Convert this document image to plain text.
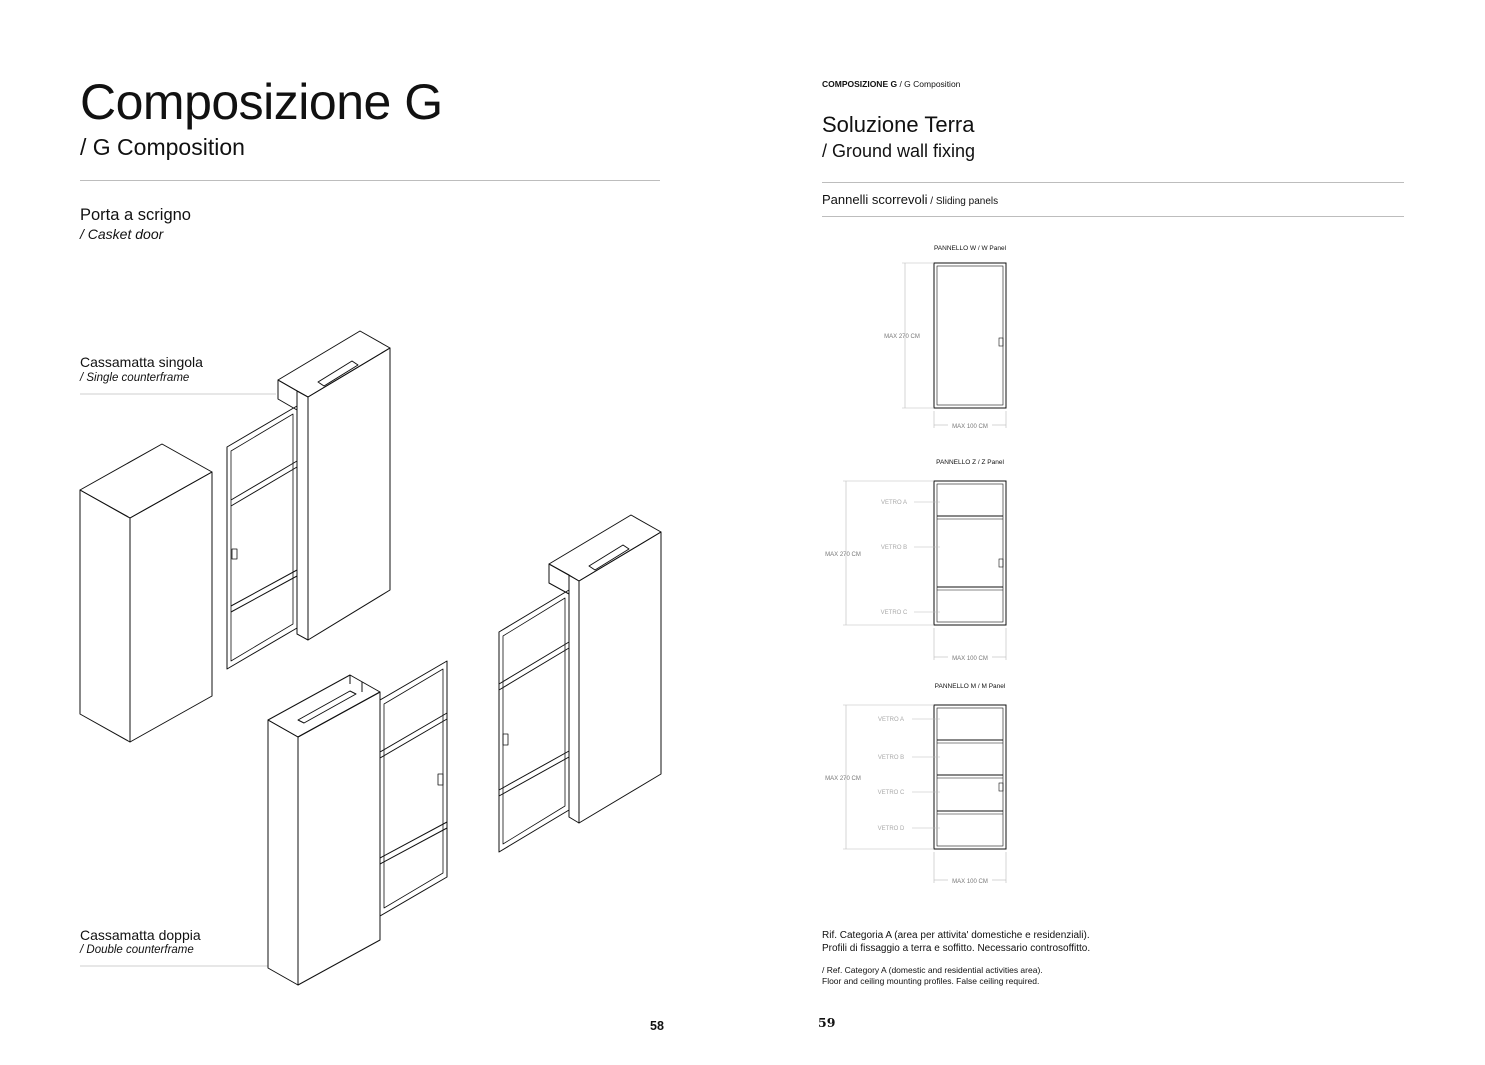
Composizione G
/ G Composition
Porta a scrigno
/ Casket door
Cassamatta singola
/ Single counterframe
Cassamatta doppia
/ Double counterframe
58
COMPOSIZIONE G / G Composition
Soluzione Terra
/ Ground wall fixing
Pannelli scorrevoli / Sliding panels
PANNELLO W / W Panel
MAX 270 CM
MAX 100 CM
PANNELLO Z / Z Panel
MAX 270 CM
MAX 100 CM
VETRO A
VETRO B
VETRO C
PANNELLO M / M Panel
MAX 270 CM
MAX 100 CM
VETRO A
VETRO B
VETRO C
VETRO D
Rif. Categoria A (area per attivita' domestiche e residenziali).
Profili di fissaggio a terra e soffitto. Necessario controsoffitto.
/ Ref. Category A (domestic and residential activities area).
Floor and ceiling mounting profiles. False ceiling required.
59
